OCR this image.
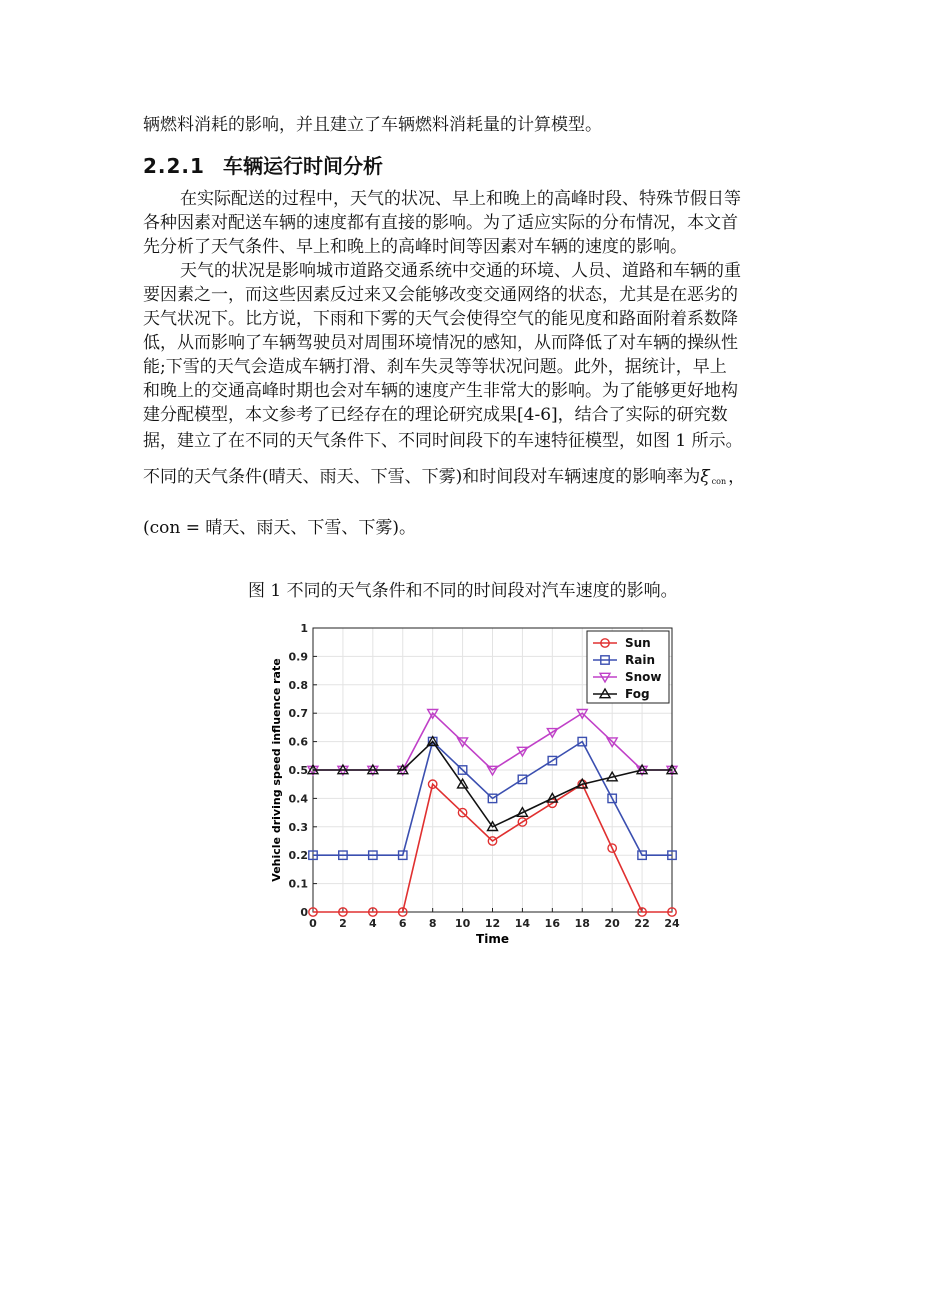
辆燃料消耗的影响，并且建立了车辆燃料消耗量的计算模型。
2.2.1 车辆运行时间分析
在实际配送的过程中，天气的状况、早上和晚上的高峰时段、特殊节假日等
各种因素对配送车辆的速度都有直接的影响。为了适应实际的分布情况，本文首
先分析了天气条件、早上和晚上的高峰时间等因素对车辆的速度的影响。
天气的状况是影响城市道路交通系统中交通的环境、人员、道路和车辆的重
要因素之一，而这些因素反过来又会能够改变交通网络的状态，尤其是在恶劣的
天气状况下。比方说，下雨和下雾的天气会使得空气的能见度和路面附着系数降
低，从而影响了车辆驾驶员对周围环境情况的感知，从而降低了对车辆的操纵性
能;下雪的天气会造成车辆打滑、刹车失灵等等状况问题。此外，据统计，早上
和晚上的交通高峰时期也会对车辆的速度产生非常大的影响。为了能够更好地构
建分配模型，本文参考了已经存在的理论研究成果[4-6]，结合了实际的研究数
据，建立了在不同的天气条件下、不同时间段下的车速特征模型，如图 1 所示。
不同的天气条件(晴天、雨天、下雪、下雾)和时间段对车辆速度的影响率为ξ $_{con}$ ，
(con = 晴天、雨天、下雪、下雾)。
图 1 不同的天气条件和不同的时间段对汽车速度的影响。
0
0.1
0.2
0.3
0.4
0.5
0.6
0.7
0.8
0.9
1
0 2 4 6 8 10 12 14 16 18 20 22 24
Time
Vehicle driving speed influence rate
Sun
Rain
Snow
Fog
